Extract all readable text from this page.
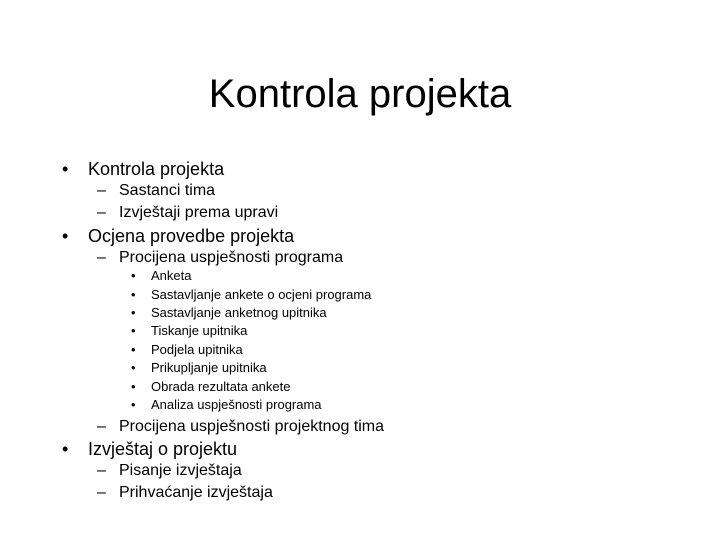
Kontrola projekta
• Kontrola projekta
– Sastanci tima
– Izvještaji prema upravi
• Ocjena provedbe projekta
– Procijena uspješnosti programa
• Anketa
• Sastavljanje ankete o ocjeni programa
• Sastavljanje anketnog upitnika
• Tiskanje upitnika
• Podjela upitnika
• Prikupljanje upitnika
• Obrada rezultata ankete
• Analiza uspješnosti programa
– Procijena uspješnosti projektnog tima
• Izvještaj o projektu
– Pisanje izvještaja
– Prihvaćanje izvještaja
